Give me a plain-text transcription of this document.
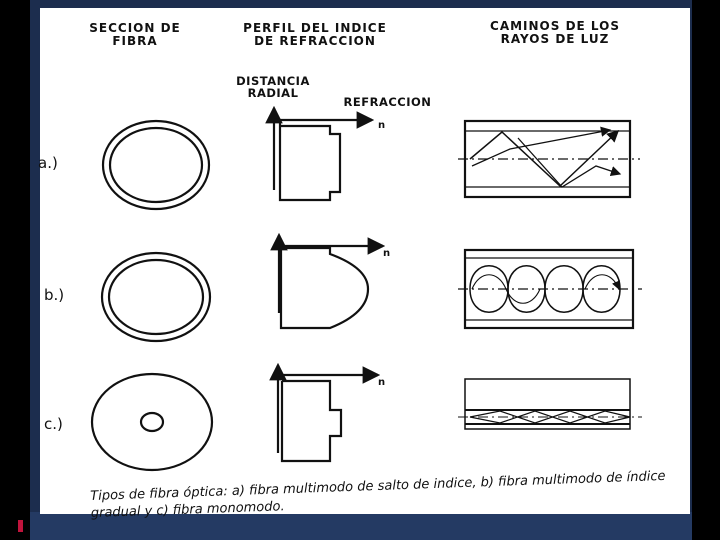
SECCION DE
FIBRA
PERFIL DEL INDICE
DE REFRACCION
CAMINOS DE LOS
RAYOS DE LUZ
DISTANCIA
RADIAL
REFRACCION
n
n
n
a.)
b.)
c.)
Tipos de fibra óptica: a) fibra multimodo de salto de indice, b) fibra multimodo de índice gradual y c) fibra monomodo.
